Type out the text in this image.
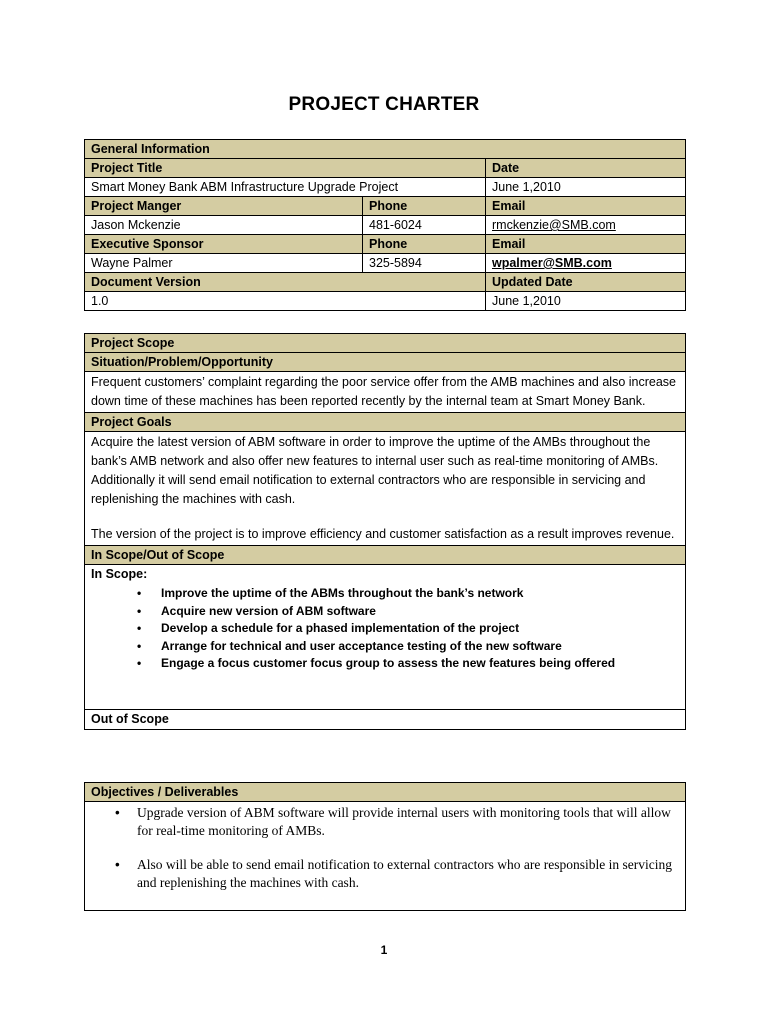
PROJECT CHARTER
General Information		
Project Title		Date
Smart Money Bank ABM Infrastructure Upgrade Project		June 1,2010
Project Manger	Phone	Email
Jason Mckenzie	481-6024	rmckenzie@SMB.com
Executive Sponsor	Phone	Email
Wayne Palmer	325-5894	wpalmer@SMB.com
Document Version		Updated Date
1.0		June 1,2010
Project Scope
Situation/Problem/Opportunity
Frequent customers’ complaint regarding the poor service offer from the AMB machines and also increase down time of these machines has been reported recently by the internal team at Smart Money Bank.
Project Goals

Acquire the latest version of ABM software in order to improve the uptime of the AMBs throughout the bank’s AMB network and also offer new features to internal user such as real-time monitoring of AMBs. Additionally it will send email notification to external contractors who are responsible in servicing and replenishing the machines with cash.
The version of the project is to improve efficiency and customer satisfaction as a result improves revenue.

In Scope/Out of Scope

In Scope:
• Improve the uptime of the ABMs throughout the bank’s network
• Acquire new version of ABM software
• Develop a schedule for a phased implementation of the project
• Arrange for technical and user acceptance testing of the new software
• Engage a focus customer focus group to assess the new features being offered

Out of Scope
Objectives / Deliverables

• Upgrade version of ABM software will provide internal users with monitoring tools that will allow for real-time monitoring of AMBs.
• Also will be able to send email notification to external contractors who are responsible in servicing and replenishing the machines with cash.
1
